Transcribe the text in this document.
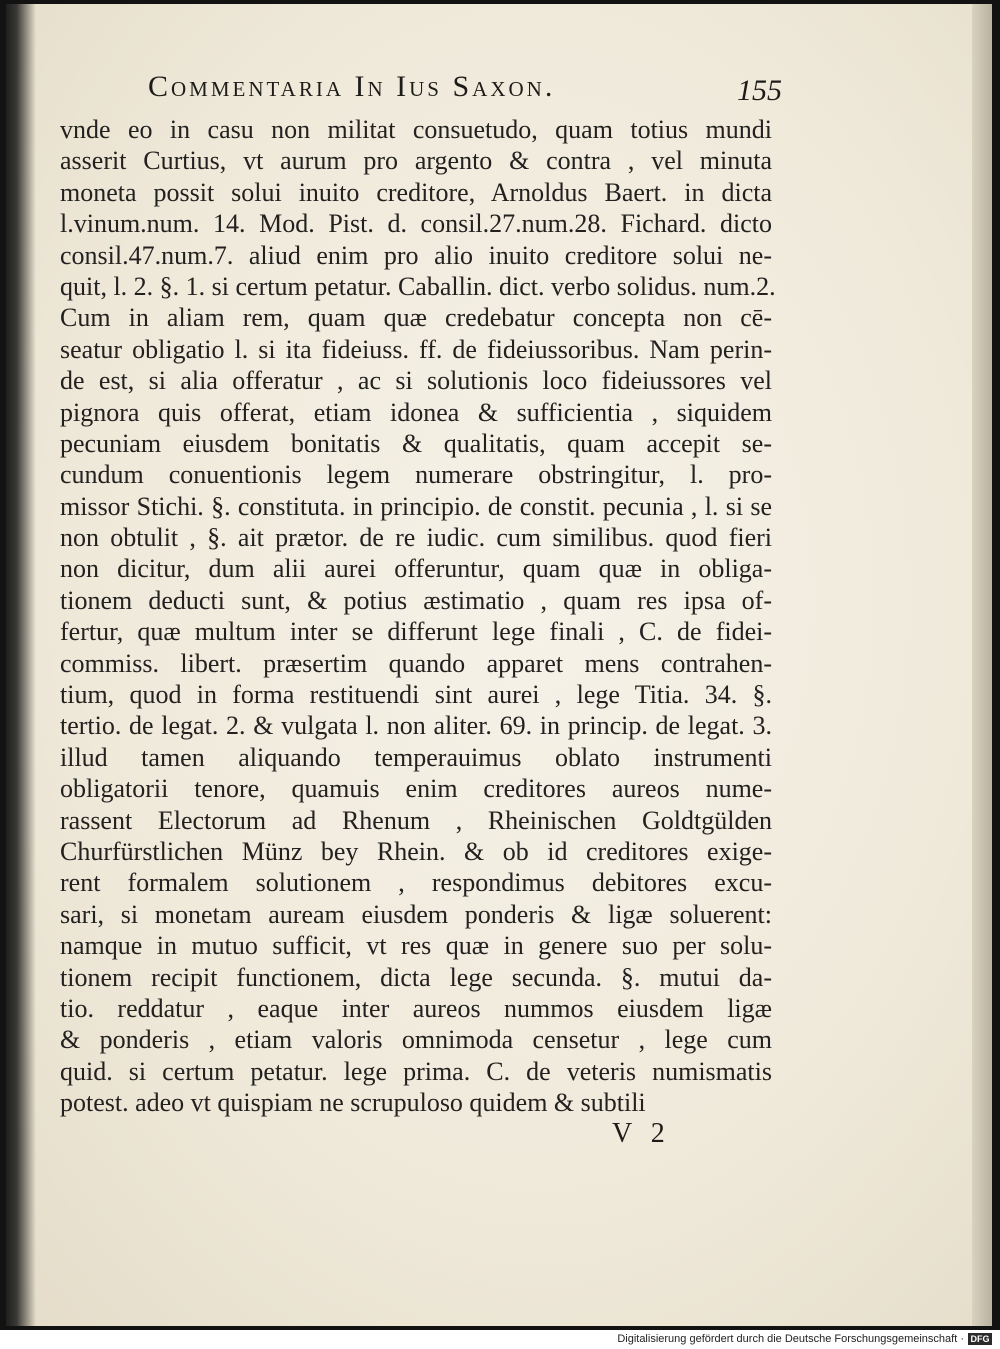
Commentaria In Ius Saxon.	155
vnde eo in casu non militat consuetudo, quam totius mundi
asserit Curtius, vt aurum pro argento & contra , vel minuta
moneta possit solui inuito creditore, Arnoldus Baert. in dicta
l.vinum.num. 14. Mod. Pist. d. consil.27.num.28. Fichard. dicto
consil.47.num.7. aliud enim pro alio inuito creditore solui ne-
quit, l. 2. §. 1. si certum petatur. Caballin. dict. verbo solidus. num.2.
Cum in aliam rem, quam quæ credebatur concepta non cē-
seatur obligatio l. si ita fideiuss. ff. de fideiussoribus. Nam perin-
de est, si alia offeratur , ac si solutionis loco fideiussores vel
pignora quis offerat, etiam idonea & sufficientia , siquidem
pecuniam eiusdem bonitatis & qualitatis, quam accepit se-
cundum conuentionis legem numerare obstringitur, l. pro-
missor Stichi. §. constituta. in principio. de constit. pecunia , l. si se
non obtulit , §. ait prætor. de re iudic. cum similibus. quod fieri
non dicitur, dum alii aurei offeruntur, quam quæ in obliga-
tionem deducti sunt, & potius æstimatio , quam res ipsa of-
fertur, quæ multum inter se differunt lege finali , C. de fidei-
commiss. libert. præsertim quando apparet mens contrahen-
tium, quod in forma restituendi sint aurei , lege Titia. 34. §.
tertio. de legat. 2. & vulgata l. non aliter. 69. in princip. de legat. 3.
illud tamen aliquando temperauimus oblato instrumenti
obligatorii tenore, quamuis enim creditores aureos nume-
rassent Electorum ad Rhenum , Rheinischen Goldtgülden
Churfürstlichen Münz bey Rhein. & ob id creditores exige-
rent formalem solutionem , respondimus debitores excu-
sari, si monetam auream eiusdem ponderis & ligæ soluerent:
namque in mutuo sufficit, vt res quæ in genere suo per solu-
tionem recipit functionem, dicta lege secunda. §. mutui da-
tio. reddatur , eaque inter aureos nummos eiusdem ligæ
& ponderis , etiam valoris omnimoda censetur , lege cum
quid. si certum petatur. lege prima. C. de veteris numismatis
potest. adeo vt quispiam ne scrupuloso quidem & subtili
V 2
Digitalisierung gefördert durch die Deutsche Forschungsgemeinschaft · DFG
